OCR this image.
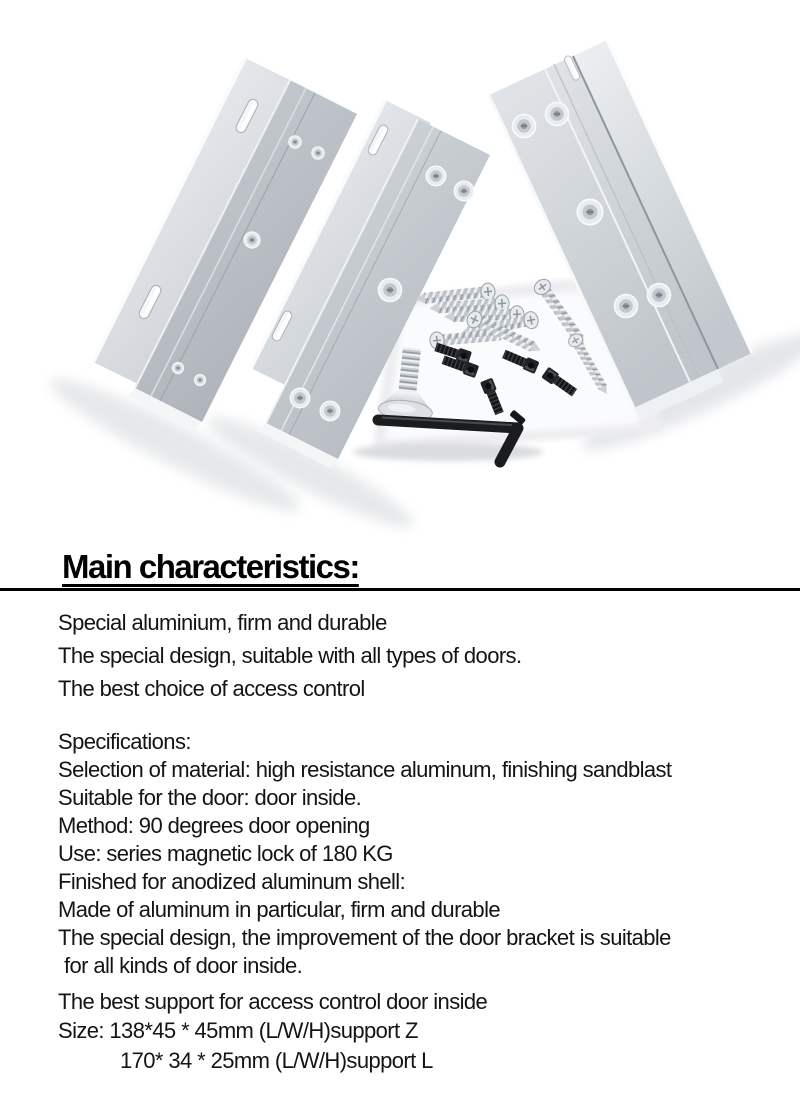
Main characteristics:
Special aluminium, firm and durable
The special design, suitable with all types of doors.
The best choice of access control
Specifications:
Selection of material: high resistance aluminum, finishing sandblast
Suitable for the door: door inside.
Method: 90 degrees door opening
Use: series magnetic lock of 180 KG
Finished for anodized aluminum shell:
Made of aluminum in particular, firm and durable
The special design, the improvement of the door bracket is suitable
for all kinds of door inside.
The best support for access control door inside
Size: 138*45 * 45mm (L/W/H)support Z
170* 34 * 25mm (L/W/H)support L
